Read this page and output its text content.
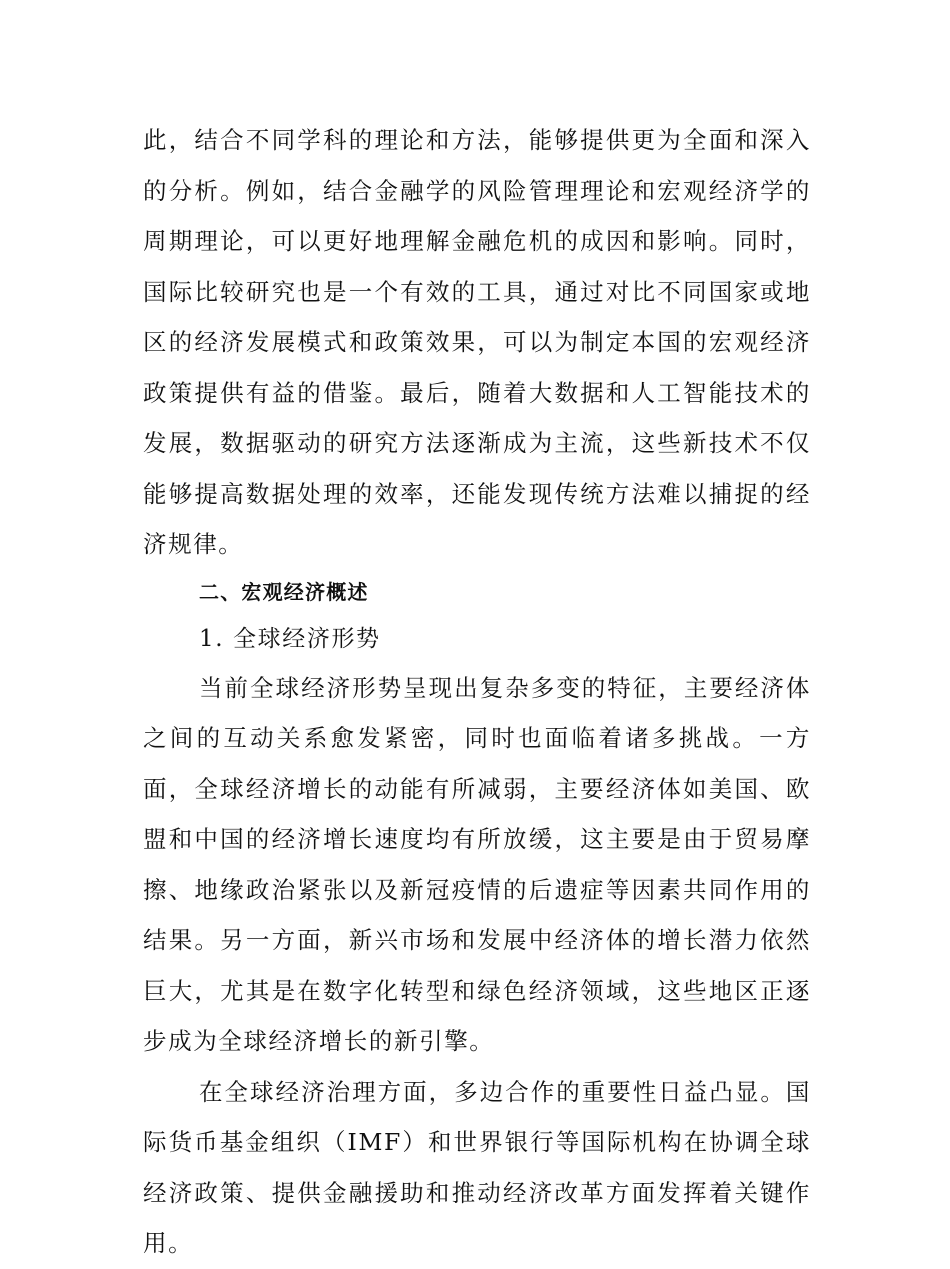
此，结合不同学科的理论和方法，能够提供更为全面和深入的分析。例如，结合金融学的风险管理理论和宏观经济学的周期理论，可以更好地理解金融危机的成因和影响。同时，国际比较研究也是一个有效的工具，通过对比不同国家或地区的经济发展模式和政策效果，可以为制定本国的宏观经济政策提供有益的借鉴。最后，随着大数据和人工智能技术的发展，数据驱动的研究方法逐渐成为主流，这些新技术不仅能够提高数据处理的效率，还能发现传统方法难以捕捉的经济规律。

二、宏观经济概述
1. 全球经济形势

当前全球经济形势呈现出复杂多变的特征，主要经济体之间的互动关系愈发紧密，同时也面临着诸多挑战。一方面，全球经济增长的动能有所减弱，主要经济体如美国、欧盟和中国的经济增长速度均有所放缓，这主要是由于贸易摩擦、地缘政治紧张以及新冠疫情的后遗症等因素共同作用的结果。另一方面，新兴市场和发展中经济体的增长潜力依然巨大，尤其是在数字化转型和绿色经济领域，这些地区正逐步成为全球经济增长的新引擎。

在全球经济治理方面，多边合作的重要性日益凸显。国际货币基金组织（IMF）和世界银行等国际机构在协调全球经济政策、提供金融援助和推动经济改革方面发挥着关键作用。
